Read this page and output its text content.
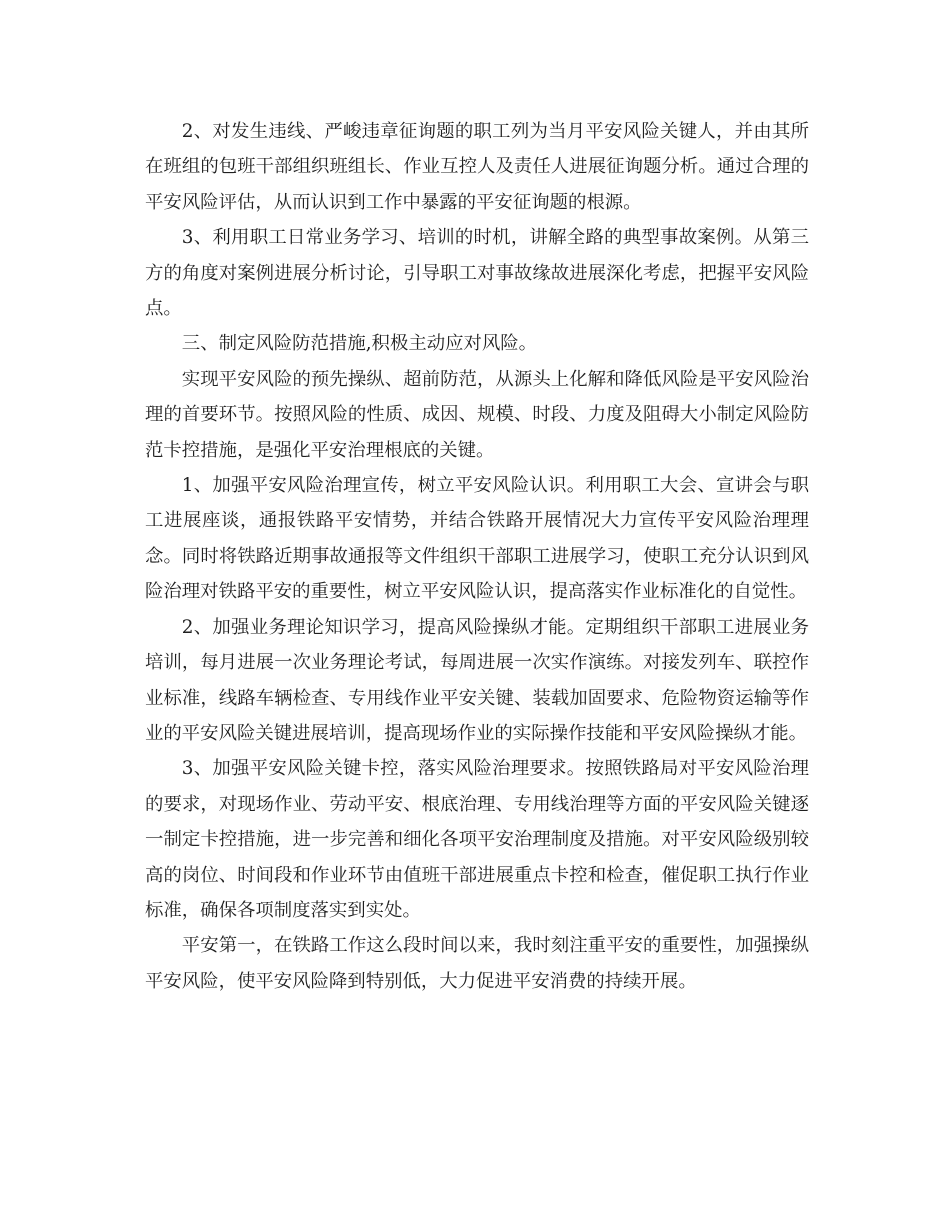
2、对发生违线、严峻违章征询题的职工列为当月平安风险关键人，并由其所在班组的包班干部组织班组长、作业互控人及责任人进展征询题分析。通过合理的平安风险评估，从而认识到工作中暴露的平安征询题的根源。

3、利用职工日常业务学习、培训的时机，讲解全路的典型事故案例。从第三方的角度对案例进展分析讨论，引导职工对事故缘故进展深化考虑，把握平安风险点。

三、制定风险防范措施,积极主动应对风险。

实现平安风险的预先操纵、超前防范，从源头上化解和降低风险是平安风险治理的首要环节。按照风险的性质、成因、规模、时段、力度及阻碍大小制定风险防范卡控措施，是强化平安治理根底的关键。

1、加强平安风险治理宣传，树立平安风险认识。利用职工大会、宣讲会与职工进展座谈，通报铁路平安情势，并结合铁路开展情况大力宣传平安风险治理理念。同时将铁路近期事故通报等文件组织干部职工进展学习，使职工充分认识到风险治理对铁路平安的重要性，树立平安风险认识，提高落实作业标准化的自觉性。

2、加强业务理论知识学习，提高风险操纵才能。定期组织干部职工进展业务培训，每月进展一次业务理论考试，每周进展一次实作演练。对接发列车、联控作业标准，线路车辆检查、专用线作业平安关键、装载加固要求、危险物资运输等作业的平安风险关键进展培训，提高现场作业的实际操作技能和平安风险操纵才能。

3、加强平安风险关键卡控，落实风险治理要求。按照铁路局对平安风险治理的要求，对现场作业、劳动平安、根底治理、专用线治理等方面的平安风险关键逐一制定卡控措施，进一步完善和细化各项平安治理制度及措施。对平安风险级别较高的岗位、时间段和作业环节由值班干部进展重点卡控和检查，催促职工执行作业标准，确保各项制度落实到实处。

平安第一，在铁路工作这么段时间以来，我时刻注重平安的重要性，加强操纵平安风险，使平安风险降到特别低，大力促进平安消费的持续开展。
